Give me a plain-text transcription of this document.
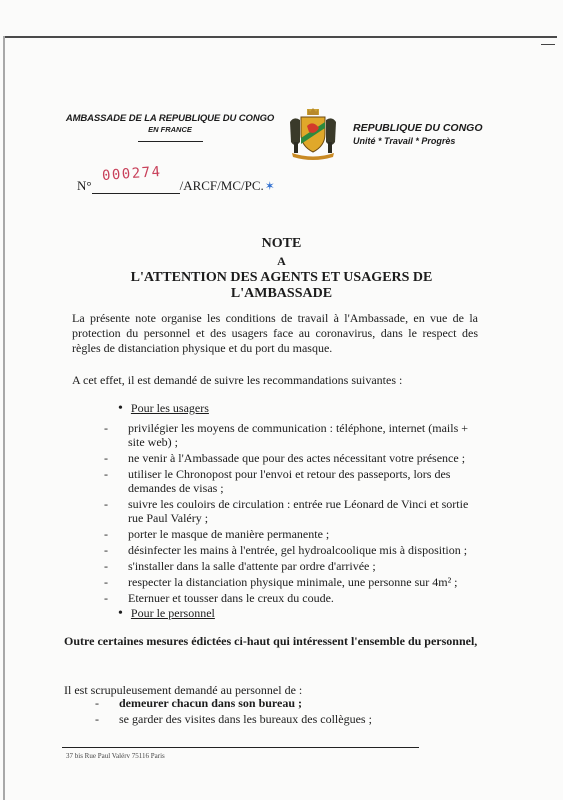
AMBASSADE DE LA REPUBLIQUE DU CONGO
EN FRANCE	REPUBLIQUE DU CONGO
Unité * Travail * Progrès
N°
000274
/ARCF/MC/PC.✶
NOTE
A
L'ATTENTION DES AGENTS ET USAGERS DE
L'AMBASSADE
La présente note organise les conditions de travail à l'Ambassade, en vue de la protection du personnel et des usagers face au coronavirus, dans le respect des règles de distanciation physique et du port du masque.
A cet effet, il est demandé de suivre les recommandations suivantes :
• Pour les usagers
- privilégier les moyens de communication : téléphone, internet (mails + site web) ;
- ne venir à l'Ambassade que pour des actes nécessitant votre présence ;
- utiliser le Chronopost pour l'envoi et retour des passeports, lors des demandes de visas ;
- suivre les couloirs de circulation : entrée rue Léonard de Vinci et sortie rue Paul Valéry ;
- porter le masque de manière permanente ;
- désinfecter les mains à l'entrée, gel hydroalcoolique mis à disposition ;
- s'installer dans la salle d'attente par ordre d'arrivée ;
- respecter la distanciation physique minimale, une personne sur 4m² ;
- Eternuer et tousser dans le creux du coude.
• Pour le personnel
Outre certaines mesures édictées ci-haut qui intéressent l'ensemble du personnel,
Il est scrupuleusement demandé au personnel de :
- demeurer chacun dans son bureau ;
- se garder des visites dans les bureaux des collègues ;
37 bis Rue Paul Valéry 75116 Paris
